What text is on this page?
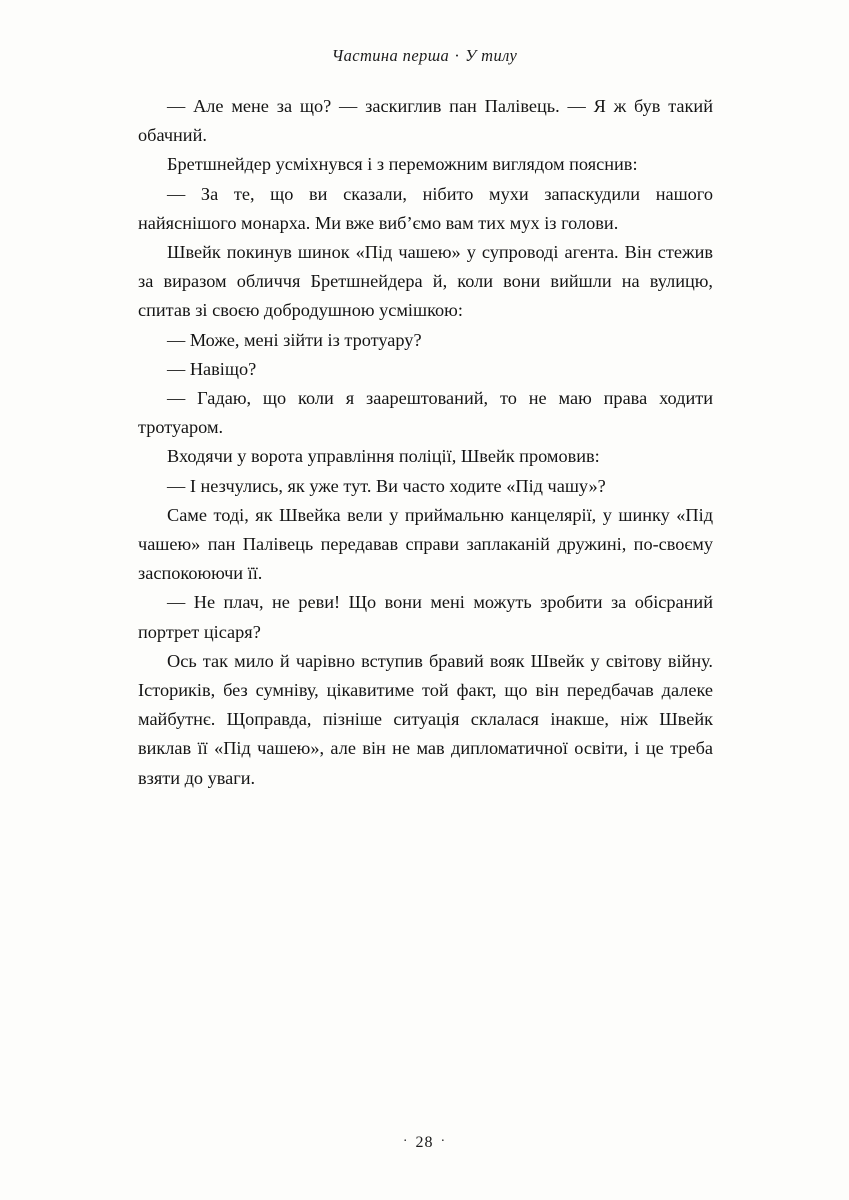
Частина перша · У тилу

— Але мене за що? — заскиглив пан Палівець. — Я ж був такий обачний.

Бретшнейдер усміхнувся і з переможним виглядом пояснив:

— За те, що ви сказали, нібито мухи запаскудили нашого найяснішого монарха. Ми вже виб’ємо вам тих мух із голови.

Швейк покинув шинок «Під чашею» у супроводі агента. Він стежив за виразом обличчя Бретшнейдера й, коли вони вийшли на вулицю, спитав зі своєю добродушною усмішкою:

— Може, мені зійти із тротуару?

— Навіщо?

— Гадаю, що коли я заарештований, то не маю права ходити тротуаром.

Входячи у ворота управління поліції, Швейк промовив:

— І незчулись, як уже тут. Ви часто ходите «Під чашу»?

Саме тоді, як Швейка вели у приймальню канцелярії, у шинку «Під чашею» пан Палівець передавав справи заплаканій дружині, по-своєму заспокоюючи її.

— Не плач, не реви! Що вони мені можуть зробити за обісраний портрет цісаря?

Ось так мило й чарівно вступив бравий вояк Швейк у світову війну. Істориків, без сумніву, цікавитиме той факт, що він передбачав далеке майбутнє. Щоправда, пізніше ситуація склалася інакше, ніж Швейк виклав її «Під чашею», але він не мав дипломатичної освіти, і це треба взяти до уваги.

· 28 ·
